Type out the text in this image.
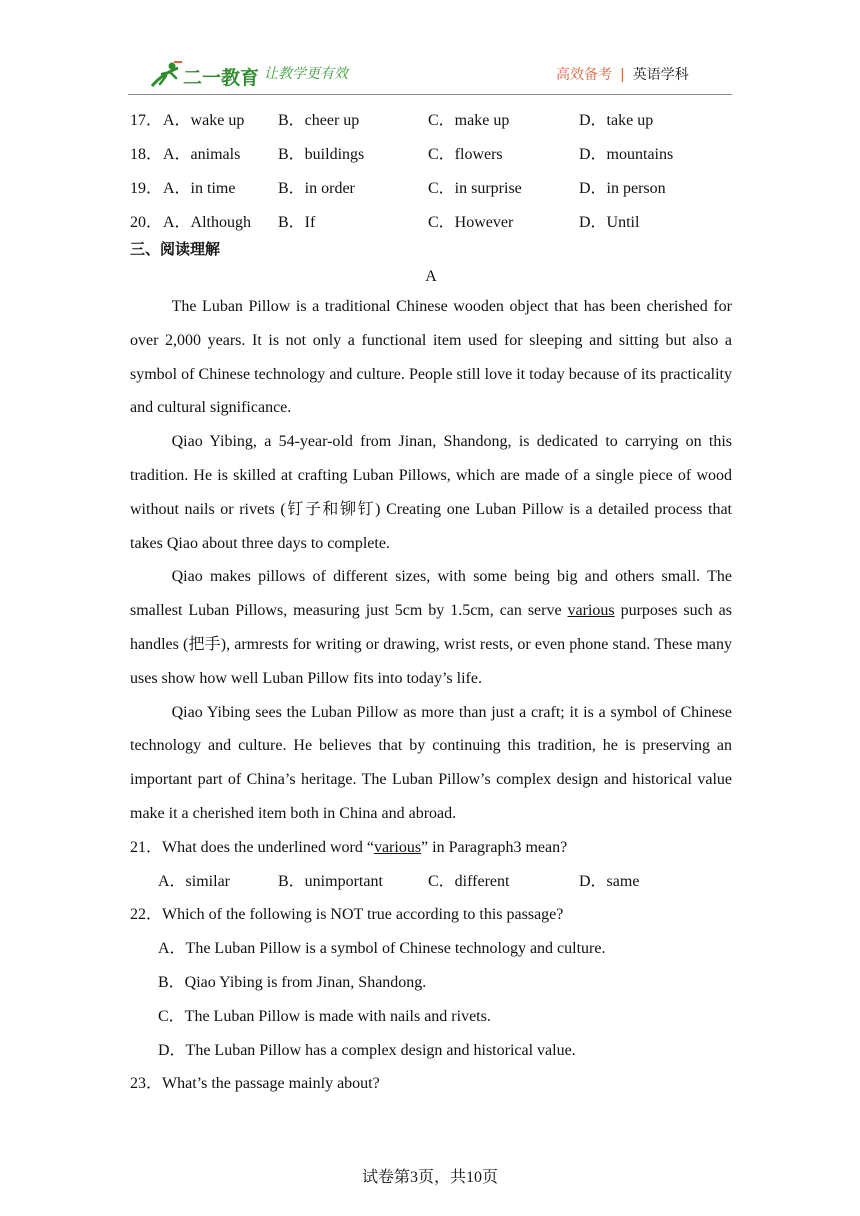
二一教育 让教学更有效	高效备考 | 英语学科
17． A．wake up B．cheer up	C．make up	D．take up
18． A．animals B．buildings	C．flowers	D．mountains
19． A．in time	B．in order	C．in surprise	D．in person
20． A．Although B．If	C．However	D．Until
三、阅读理解
A

The Luban Pillow is a traditional Chinese wooden object that has been cherished for over 2,000 years. It is not only a functional item used for sleeping and sitting but also a symbol of Chinese technology and culture. People still love it today because of its practicality and cultural significance.

Qiao Yibing, a 54-year-old from Jinan, Shandong, is dedicated to carrying on this tradition. He is skilled at crafting Luban Pillows, which are made of a single piece of wood without nails or rivets (钉子和铆钉) Creating one Luban Pillow is a detailed process that takes Qiao about three days to complete.

Qiao makes pillows of different sizes, with some being big and others small. The smallest Luban Pillows, measuring just 5cm by 1.5cm, can serve various purposes such as handles (把手), armrests for writing or drawing, wrist rests, or even phone stand. These many uses show how well Luban Pillow fits into today’s life.

Qiao Yibing sees the Luban Pillow as more than just a craft; it is a symbol of Chinese technology and culture. He believes that by continuing this tradition, he is preserving an important part of China’s heritage. The Luban Pillow’s complex design and historical value make it a cherished item both in China and abroad.

21．What does the underlined word “various” in Paragraph3 mean?

A．similar	B．unimportant	C．different	D．same

22．Which of the following is NOT true according to this passage?

A．The Luban Pillow is a symbol of Chinese technology and culture.

B．Qiao Yibing is from Jinan, Shandong.

C．The Luban Pillow is made with nails and rivets.

D．The Luban Pillow has a complex design and historical value.

23．What’s the passage mainly about?

试卷第3页，共10页
